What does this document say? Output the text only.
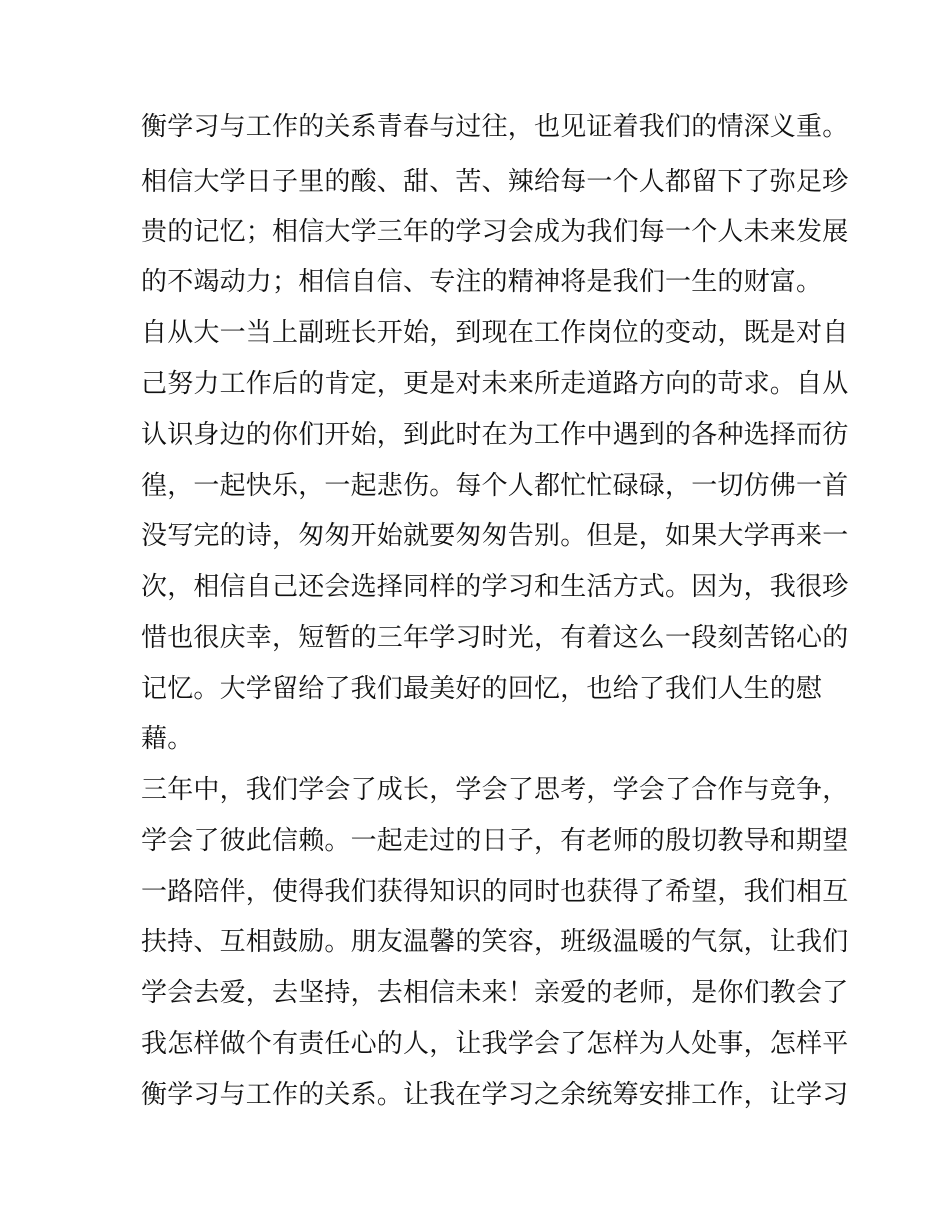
衡学习与工作的关系青春与过往，也见证着我们的情深义重。
相信大学日子里的酸、甜、苦、辣给每一个人都留下了弥足珍
贵的记忆；相信大学三年的学习会成为我们每一个人未来发展
的不竭动力；相信自信、专注的精神将是我们一生的财富。
自从大一当上副班长开始，到现在工作岗位的变动，既是对自
己努力工作后的肯定，更是对未来所走道路方向的苛求。自从
认识身边的你们开始，到此时在为工作中遇到的各种选择而彷
徨，一起快乐，一起悲伤。每个人都忙忙碌碌，一切仿佛一首
没写完的诗，匆匆开始就要匆匆告别。但是，如果大学再来一
次，相信自己还会选择同样的学习和生活方式。因为，我很珍
惜也很庆幸，短暂的三年学习时光，有着这么一段刻苦铭心的
记忆。大学留给了我们最美好的回忆，也给了我们人生的慰
藉。
三年中，我们学会了成长，学会了思考，学会了合作与竞争，
学会了彼此信赖。一起走过的日子，有老师的殷切教导和期望
一路陪伴，使得我们获得知识的同时也获得了希望，我们相互
扶持、互相鼓励。朋友温馨的笑容，班级温暖的气氛，让我们
学会去爱，去坚持，去相信未来！亲爱的老师，是你们教会了
我怎样做个有责任心的人，让我学会了怎样为人处事，怎样平
衡学习与工作的关系。让我在学习之余统筹安排工作，让学习
